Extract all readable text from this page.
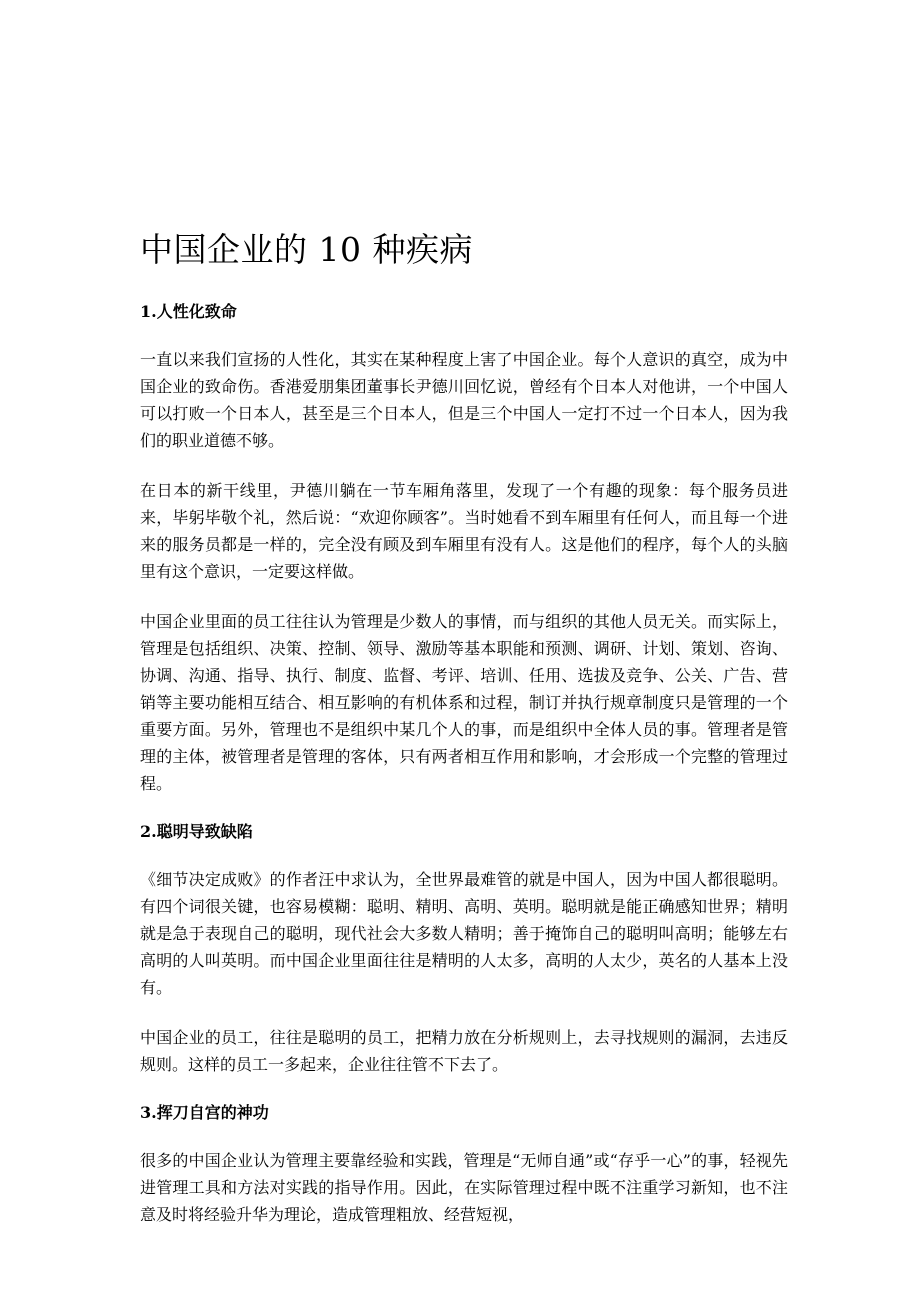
中国企业的 10 种疾病
1.人性化致命

一直以来我们宣扬的人性化，其实在某种程度上害了中国企业。每个人意识的真空，成为中国企业的致命伤。香港爱朋集团董事长尹德川回忆说，曾经有个日本人对他讲，一个中国人可以打败一个日本人，甚至是三个日本人，但是三个中国人一定打不过一个日本人，因为我们的职业道德不够。

在日本的新干线里，尹德川躺在一节车厢角落里，发现了一个有趣的现象：每个服务员进来，毕躬毕敬个礼，然后说：“欢迎你顾客”。当时她看不到车厢里有任何人，而且每一个进来的服务员都是一样的，完全没有顾及到车厢里有没有人。这是他们的程序，每个人的头脑里有这个意识，一定要这样做。

中国企业里面的员工往往认为管理是少数人的事情，而与组织的其他人员无关。而实际上，管理是包括组织、决策、控制、领导、激励等基本职能和预测、调研、计划、策划、咨询、协调、沟通、指导、执行、制度、监督、考评、培训、任用、选拔及竞争、公关、广告、营销等主要功能相互结合、相互影响的有机体系和过程，制订并执行规章制度只是管理的一个重要方面。另外，管理也不是组织中某几个人的事，而是组织中全体人员的事。管理者是管理的主体，被管理者是管理的客体，只有两者相互作用和影响，才会形成一个完整的管理过程。

2.聪明导致缺陷

《细节决定成败》的作者汪中求认为，全世界最难管的就是中国人，因为中国人都很聪明。有四个词很关键，也容易模糊：聪明、精明、高明、英明。聪明就是能正确感知世界；精明就是急于表现自己的聪明，现代社会大多数人精明；善于掩饰自己的聪明叫高明；能够左右高明的人叫英明。而中国企业里面往往是精明的人太多，高明的人太少，英名的人基本上没有。

中国企业的员工，往往是聪明的员工，把精力放在分析规则上，去寻找规则的漏洞，去违反规则。这样的员工一多起来，企业往往管不下去了。

3.挥刀自宫的神功

很多的中国企业认为管理主要靠经验和实践，管理是“无师自通”或“存乎一心”的事，轻视先进管理工具和方法对实践的指导作用。因此，在实际管理过程中既不注重学习新知，也不注意及时将经验升华为理论，造成管理粗放、经营短视，
